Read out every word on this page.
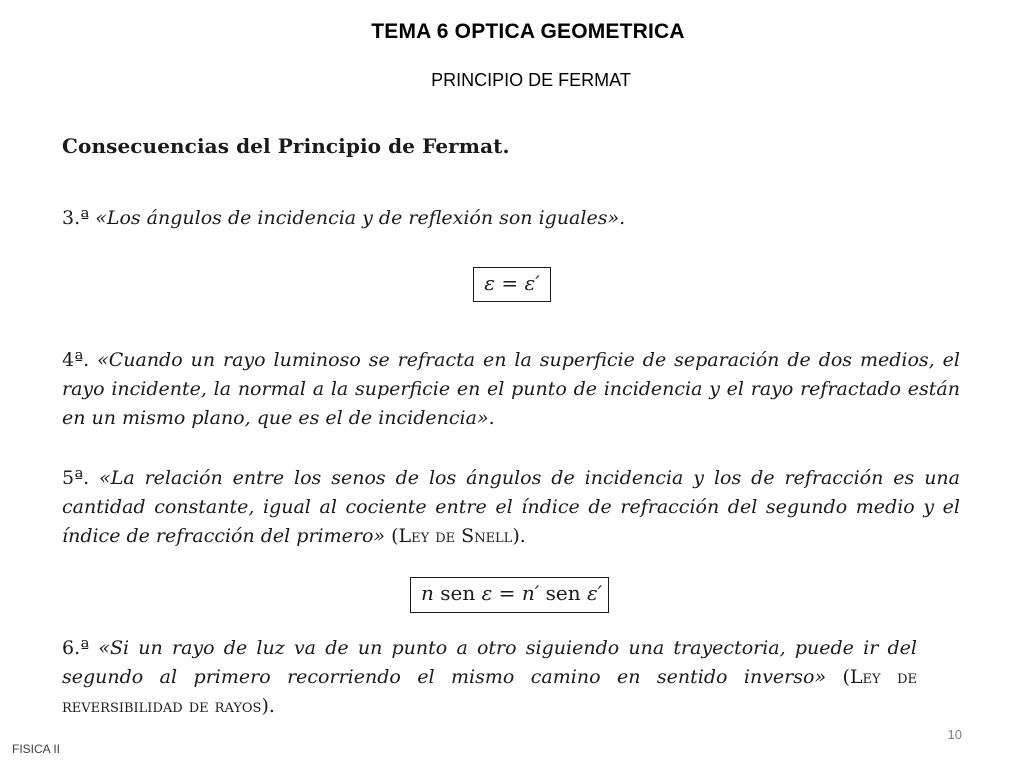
TEMA 6 OPTICA GEOMETRICA
PRINCIPIO DE FERMAT
Consecuencias del Principio de Fermat.
3.ª «Los ángulos de incidencia y de reflexión son iguales».
ε = ε′
4ª. «Cuando un rayo luminoso se refracta en la superficie de separación de dos medios, el rayo incidente, la normal a la superficie en el punto de incidencia y el rayo refractado están en un mismo plano, que es el de incidencia».
5ª. «La relación entre los senos de los ángulos de incidencia y los de refracción es una cantidad constante, igual al cociente entre el índice de refracción del segundo medio y el índice de refracción del primero» (Ley de Snell).
n sen ε = n′ sen ε′
6.ª «Si un rayo de luz va de un punto a otro siguiendo una trayectoria, puede ir del segundo al primero recorriendo el mismo camino en sentido inverso» (Ley de reversibilidad de rayos).
10
FISICA II
